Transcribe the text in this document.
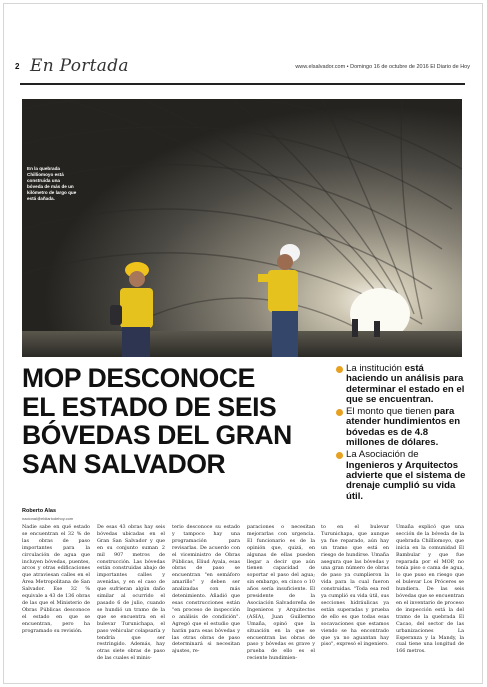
2 En Portada	www.elsalvador.com • Domingo 16 de octubre de 2016 El Diario de Hoy
En la quebrada Chilliomoyo está construida una bóveda de más de un kilómetro de largo que está dañada.
MOP DESCONOCE
EL ESTADO DE SEIS
BÓVEDAS DEL GRAN
SAN SALVADOR
La institución está haciendo un análisis para determinar el estado en el que se encuentran.
El monto que tienen para atender hundimientos en bóvedas es de 4.8 millones de dólares.
La Asociación de Ingenieros y Arquitectos advierte que el sistema de drenaje cumplió su vida útil.
Roberto Alas
nacional@eldiariodehoy.com
Nadie sabe en qué estado se encuentran el 32 % de las obras de paso importantes para la circulación de agua que incluyen bóvedas, puentes, arcos y otras edificaciones que atraviesan calles en el Área Metropolitana de San Salvador. Ese 32 % equivale a 43 de 136 obras de las que el Ministerio de Obras Públicas desconoce el estado en que se encuentran, pero ha programado su revisión.
De esas 43 obras hay seis bóvedas ubicadas en el Gran San Salvador y que en su conjunto suman 2 mil 907 metros de construcción. Las bóvedas están construidas abajo de importantes calles y avenidas, y en el caso de que sufrieran algún daño similar al ocurrido el pasado 6 de julio, cuando se hundió un tramo de la que se encuentra en el bulevar Turunichapa, el paso vehicular colapsaría y tendría que ser restringido. Además, hay otras siete obras de paso de las cuales el minis-
terio desconoce su estado y tampoco hay una programación para revisarlas. De acuerdo con el viceministro de Obras Públicas, Eliud Ayala, esas obras de paso se encuentran "en semáforo amarillo" y deben ser analizadas con más detenimiento. Añadió que esas construcciones están "en proceso de inspección o análisis de condición". Agregó que el estudio que harán para esas bóvedas y las otras obras de paso determinará si necesitan ajustes, re-
paraciones o necesitan mejorarlas con urgencia. El funcionario es de la opinión que, quizá, en algunas de ellas pueden llegar a decir que aún tienen capacidad de soportar el paso del agua; sin embargo, en cinco o 10 años sería insuficiente. El presidente de la Asociación Salvadoreña de Ingenieros y Arquitectos (ASIA), Juan Guillermo Umaña, opinó que la situación en la que se encuentran las obras de paso y bóvedas es grave y prueba de ello es el reciente hundimien-
to en el bulevar Turunichapa, que aunque ya fue reparado, aún hay un tramo que está en riesgo de hundirse. Umaña asegura que las bóvedas y una gran número de obras de paso ya cumplieron la vida para la cual fueron construidas. "Toda esa red ya cumplió su vida útil, sus secciones hidráulicas ya están superadas y prueba de ello es que todas esas socavaciones que estamos viendo se ha encontrado que ya no aguantan hay piso", expresó el ingeniero.
Umaña explicó que una sección de la bóveda de la quebrada Chilliomoyo, que inicia en la comunidad El Bambular y que fue reparada por el MOP, no tenía piso o cama de agua, lo que puso en riesgo que el bulevar Los Próceres se hundiera. De las seis bóvedas que se encuentran en el inventario de proceso de inspección está la del tramo de la quebrada El Cacao, del sector de las urbanizaciones La Esperanza y la Mandy, la cual tiene una longitud de 166 metros.
